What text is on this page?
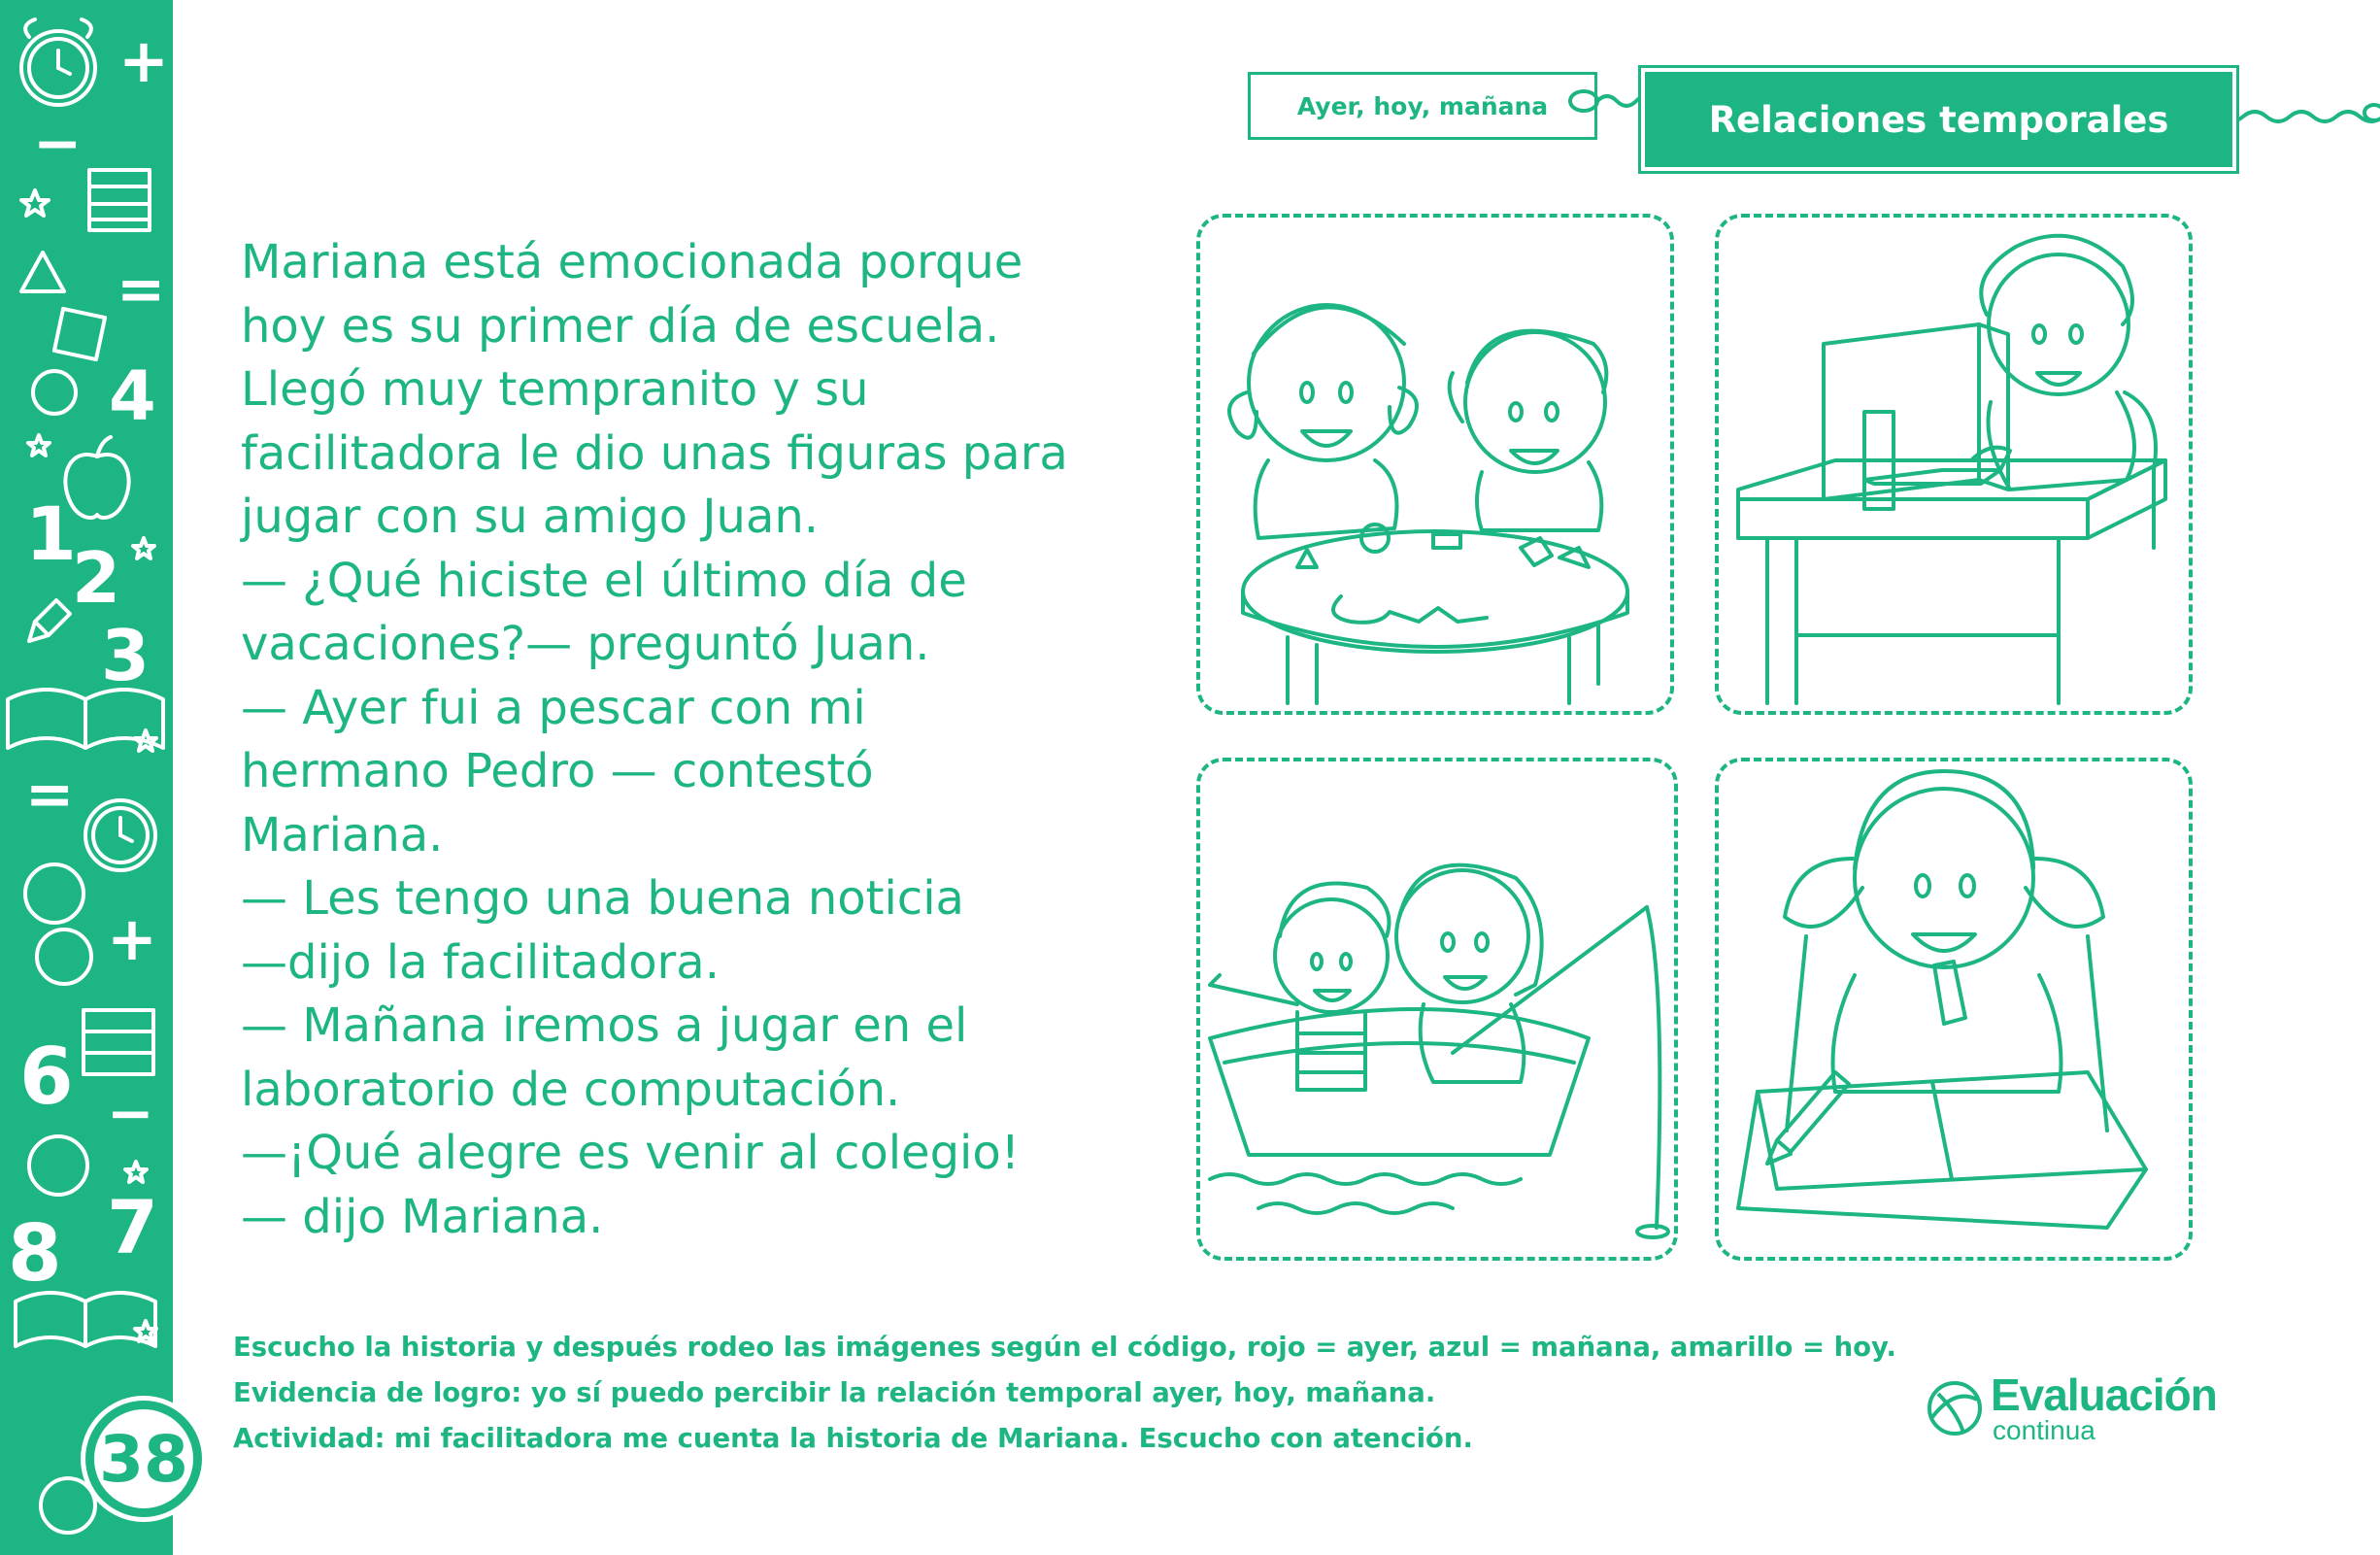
+
−
=
4
1
2
3
=
+
6 −
8 7
38
Ayer, hoy, mañana	Relaciones temporales
Mariana está emocionada porque
hoy es su primer día de escuela.
Llegó muy tempranito y su
facilitadora le dio unas figuras para
jugar con su amigo Juan.
— ¿Qué hiciste el último día de
vacaciones?— preguntó Juan.
— Ayer fui a pescar con mi
hermano Pedro — contestó
Mariana.
— Les tengo una buena noticia
—dijo la facilitadora.
— Mañana iremos a jugar en el
laboratorio de computación.
—¡Qué alegre es venir al colegio!
— dijo Mariana.
Escucho la historia y después rodeo las imágenes según el código, rojo = ayer, azul = mañana, amarillo = hoy.
Evidencia de logro: yo sí puedo percibir la relación temporal ayer, hoy, mañana.
Actividad: mi facilitadora me cuenta la historia de Mariana. Escucho con atención.
Evaluación
continua
